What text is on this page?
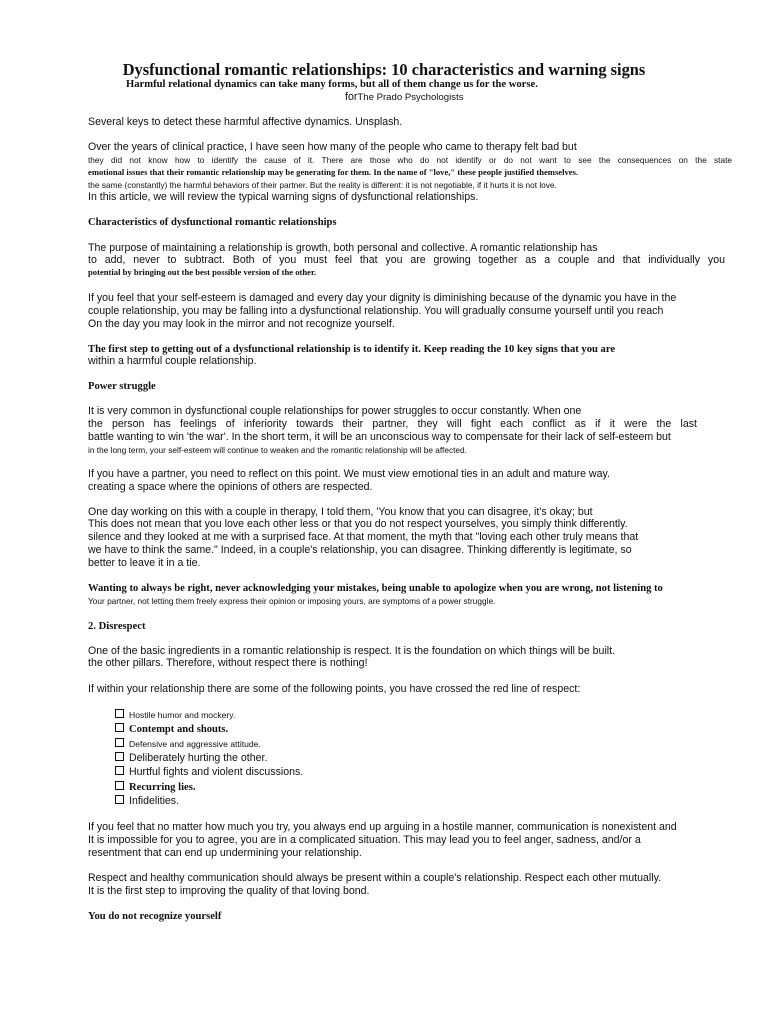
Dysfunctional romantic relationships: 10 characteristics and warning signs
Harmful relational dynamics can take many forms, but all of them change us for the worse.
forThe Prado Psychologists
Several keys to detect these harmful affective dynamics. Unsplash.
Over the years of clinical practice, I have seen how many of the people who came to therapy felt bad but
they did not know how to identify the cause of it. There are those who do not identify or do not want to see the consequences on the state
emotional issues that their romantic relationship may be generating for them. In the name of "love," these people justified themselves.
the same (constantly) the harmful behaviors of their partner. But the reality is different: it is not negotiable, if it hurts it is not love.
In this article, we will review the typical warning signs of dysfunctional relationships.
Characteristics of dysfunctional romantic relationships
The purpose of maintaining a relationship is growth, both personal and collective. A romantic relationship has
to add, never to subtract. Both of you must feel that you are growing together as a couple and that individually you
potential by bringing out the best possible version of the other.
If you feel that your self-esteem is damaged and every day your dignity is diminishing because of the dynamic you have in the
couple relationship, you may be falling into a dysfunctional relationship. You will gradually consume yourself until you reach
On the day you may look in the mirror and not recognize yourself.
The first step to getting out of a dysfunctional relationship is to identify it. Keep reading the 10 key signs that you are
within a harmful couple relationship.
Power struggle
It is very common in dysfunctional couple relationships for power struggles to occur constantly. When one
the person has feelings of inferiority towards their partner, they will fight each conflict as if it were the last
battle wanting to win 'the war'. In the short term, it will be an unconscious way to compensate for their lack of self-esteem but
in the long term, your self-esteem will continue to weaken and the romantic relationship will be affected.
If you have a partner, you need to reflect on this point. We must view emotional ties in an adult and mature way.
creating a space where the opinions of others are respected.
One day working on this with a couple in therapy, I told them, 'You know that you can disagree, it's okay; but
This does not mean that you love each other less or that you do not respect yourselves, you simply think differently.
silence and they looked at me with a surprised face. At that moment, the myth that "loving each other truly means that
we have to think the same." Indeed, in a couple's relationship, you can disagree. Thinking differently is legitimate, so
better to leave it in a tie.
Wanting to always be right, never acknowledging your mistakes, being unable to apologize when you are wrong, not listening to
Your partner, not letting them freely express their opinion or imposing yours, are symptoms of a power struggle.
2. Disrespect
One of the basic ingredients in a romantic relationship is respect. It is the foundation on which things will be built.
the other pillars. Therefore, without respect there is nothing!
If within your relationship there are some of the following points, you have crossed the red line of respect:
Hostile humor and mockery.
Contempt and shouts.
Defensive and aggressive attitude.
Deliberately hurting the other.
Hurtful fights and violent discussions.
Recurring lies.
Infidelities.
If you feel that no matter how much you try, you always end up arguing in a hostile manner, communication is nonexistent and
It is impossible for you to agree, you are in a complicated situation. This may lead you to feel anger, sadness, and/or a
resentment that can end up undermining your relationship.
Respect and healthy communication should always be present within a couple's relationship. Respect each other mutually.
It is the first step to improving the quality of that loving bond.
You do not recognize yourself
